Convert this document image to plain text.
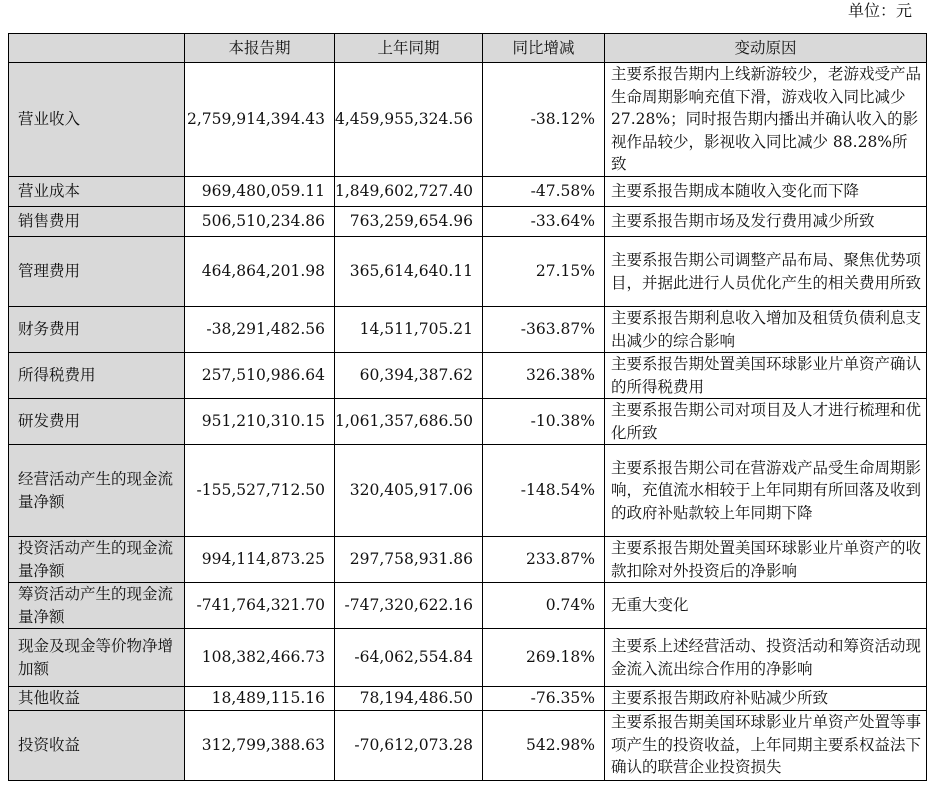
单位：元
	本报告期	上年同期	同比增减	变动原因
营业收入	2,759,914,394.43	4,459,955,324.56	-38.12%	主要系报告期内上线新游较少，老游戏受产品生命周期影响充值下滑，游戏收入同比减少 27.28%；同时报告期内播出并确认收入的影视作品较少，影视收入同比减少 88.28%所致
营业成本	969,480,059.11	1,849,602,727.40	-47.58%	主要系报告期成本随收入变化而下降
销售费用	506,510,234.86	763,259,654.96	-33.64%	主要系报告期市场及发行费用减少所致
管理费用	464,864,201.98	365,614,640.11	27.15%	主要系报告期公司调整产品布局、聚焦优势项目，并据此进行人员优化产生的相关费用所致
财务费用	-38,291,482.56	14,511,705.21	-363.87%	主要系报告期利息收入增加及租赁负债利息支出减少的综合影响
所得税费用	257,510,986.64	60,394,387.62	326.38%	主要系报告期处置美国环球影业片单资产确认的所得税费用
研发费用	951,210,310.15	1,061,357,686.50	-10.38%	主要系报告期公司对项目及人才进行梳理和优化所致
经营活动产生的现金流量净额	-155,527,712.50	320,405,917.06	-148.54%	主要系报告期公司在营游戏产品受生命周期影响，充值流水相较于上年同期有所回落及收到的政府补贴款较上年同期下降
投资活动产生的现金流量净额	994,114,873.25	297,758,931.86	233.87%	主要系报告期处置美国环球影业片单资产的收款扣除对外投资后的净影响
筹资活动产生的现金流量净额	-741,764,321.70	-747,320,622.16	0.74%	无重大变化
现金及现金等价物净增加额	108,382,466.73	-64,062,554.84	269.18%	主要系上述经营活动、投资活动和筹资活动现金流入流出综合作用的净影响
其他收益	18,489,115.16	78,194,486.50	-76.35%	主要系报告期政府补贴减少所致
投资收益	312,799,388.63	-70,612,073.28	542.98%	主要系报告期美国环球影业片单资产处置等事项产生的投资收益，上年同期主要系权益法下确认的联营企业投资损失
